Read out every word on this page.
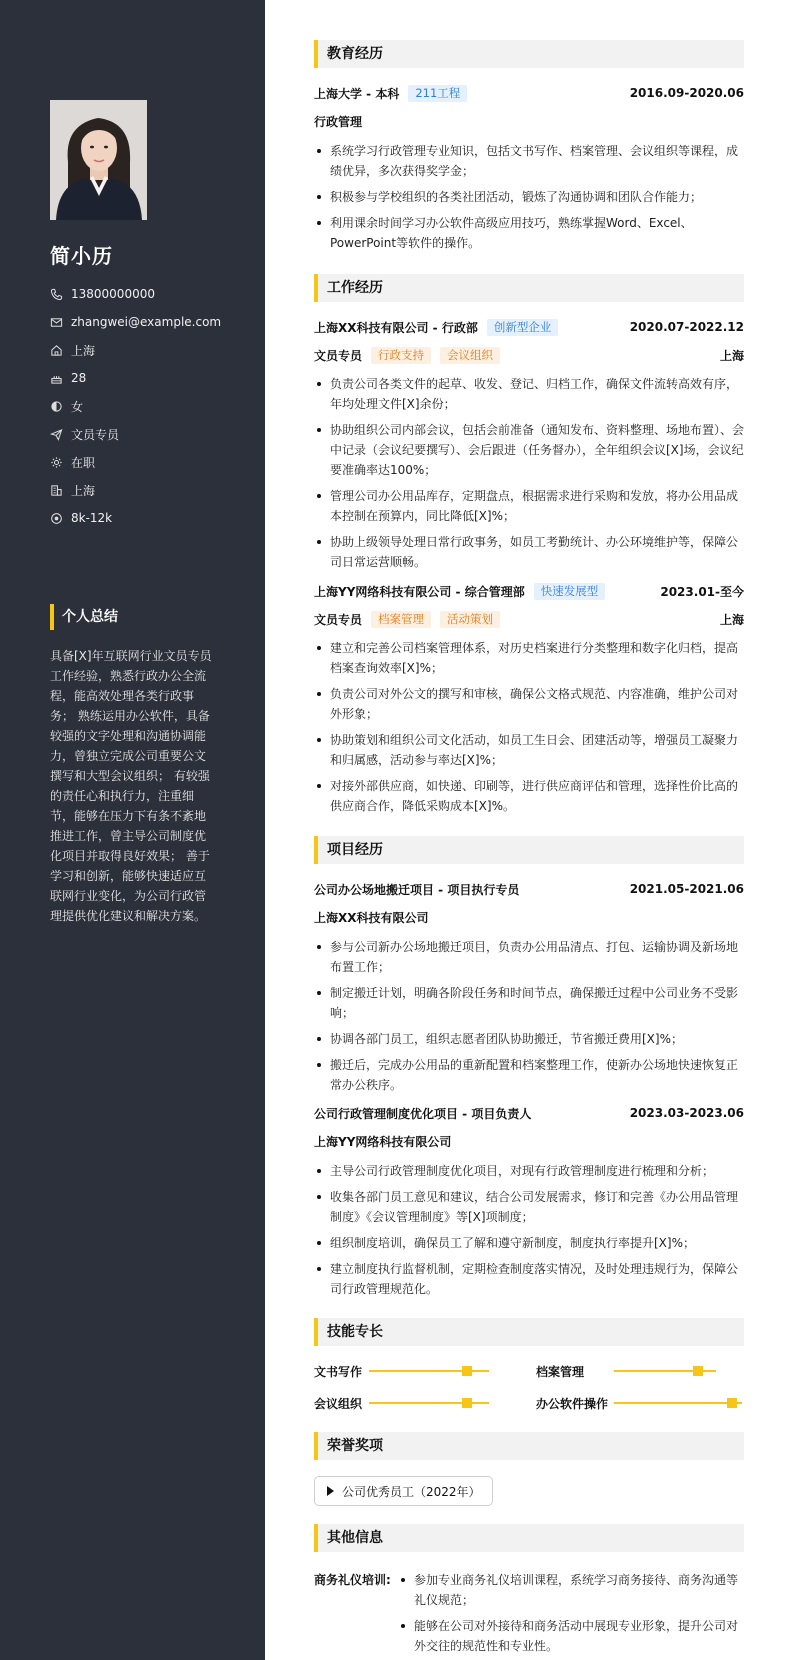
简小历
13800000000
zhangwei@example.com
上海
28
女
文员专员
在职
上海
8k-12k
个人总结
具备[X]年互联网行业文员专员工作经验，熟悉行政办公全流程，能高效处理各类行政事务； 熟练运用办公软件，具备较强的文字处理和沟通协调能力，曾独立完成公司重要公文撰写和大型会议组织； 有较强的责任心和执行力，注重细节，能够在压力下有条不紊地推进工作，曾主导公司制度优化项目并取得良好效果； 善于学习和创新，能够快速适应互联网行业变化，为公司行政管理提供优化建议和解决方案。
教育经历
上海大学 - 本科	211工程	2016.09-2020.06
行政管理
系统学习行政管理专业知识，包括文书写作、档案管理、会议组织等课程，成绩优异，多次获得奖学金；
积极参与学校组织的各类社团活动，锻炼了沟通协调和团队合作能力；
利用课余时间学习办公软件高级应用技巧，熟练掌握Word、Excel、PowerPoint等软件的操作。
工作经历
上海XX科技有限公司 - 行政部	创新型企业	2020.07-2022.12
文员专员	行政支持	会议组织	上海
负责公司各类文件的起草、收发、登记、归档工作，确保文件流转高效有序，年均处理文件[X]余份；
协助组织公司内部会议，包括会前准备（通知发布、资料整理、场地布置）、会中记录（会议纪要撰写）、会后跟进（任务督办），全年组织会议[X]场，会议纪要准确率达100%；
管理公司办公用品库存，定期盘点，根据需求进行采购和发放，将办公用品成本控制在预算内，同比降低[X]%；
协助上级领导处理日常行政事务，如员工考勤统计、办公环境维护等，保障公司日常运营顺畅。
上海YY网络科技有限公司 - 综合管理部	快速发展型	2023.01-至今
文员专员	档案管理	活动策划	上海
建立和完善公司档案管理体系，对历史档案进行分类整理和数字化归档，提高档案查询效率[X]%；
负责公司对外公文的撰写和审核，确保公文格式规范、内容准确，维护公司对外形象；
协助策划和组织公司文化活动，如员工生日会、团建活动等，增强员工凝聚力和归属感，活动参与率达[X]%；
对接外部供应商，如快递、印刷等，进行供应商评估和管理，选择性价比高的供应商合作，降低采购成本[X]%。
项目经历
公司办公场地搬迁项目 - 项目执行专员	2021.05-2021.06
上海XX科技有限公司
参与公司新办公场地搬迁项目，负责办公用品清点、打包、运输协调及新场地布置工作；
制定搬迁计划，明确各阶段任务和时间节点，确保搬迁过程中公司业务不受影响；
协调各部门员工，组织志愿者团队协助搬迁，节省搬迁费用[X]%；
搬迁后，完成办公用品的重新配置和档案整理工作，使新办公场地快速恢复正常办公秩序。
公司行政管理制度优化项目 - 项目负责人	2023.03-2023.06
上海YY网络科技有限公司
主导公司行政管理制度优化项目，对现有行政管理制度进行梳理和分析；
收集各部门员工意见和建议，结合公司发展需求，修订和完善《办公用品管理制度》《会议管理制度》等[X]项制度；
组织制度培训，确保员工了解和遵守新制度，制度执行率提升[X]%；
建立制度执行监督机制，定期检查制度落实情况，及时处理违规行为，保障公司行政管理规范化。
技能专长
文书写作	档案管理
会议组织	办公软件操作
荣誉奖项
公司优秀员工（2022年）
其他信息
商务礼仪培训:	参加专业商务礼仪培训课程，系统学习商务接待、商务沟通等礼仪规范；
能够在公司对外接待和商务活动中展现专业形象，提升公司对外交往的规范性和专业性。
